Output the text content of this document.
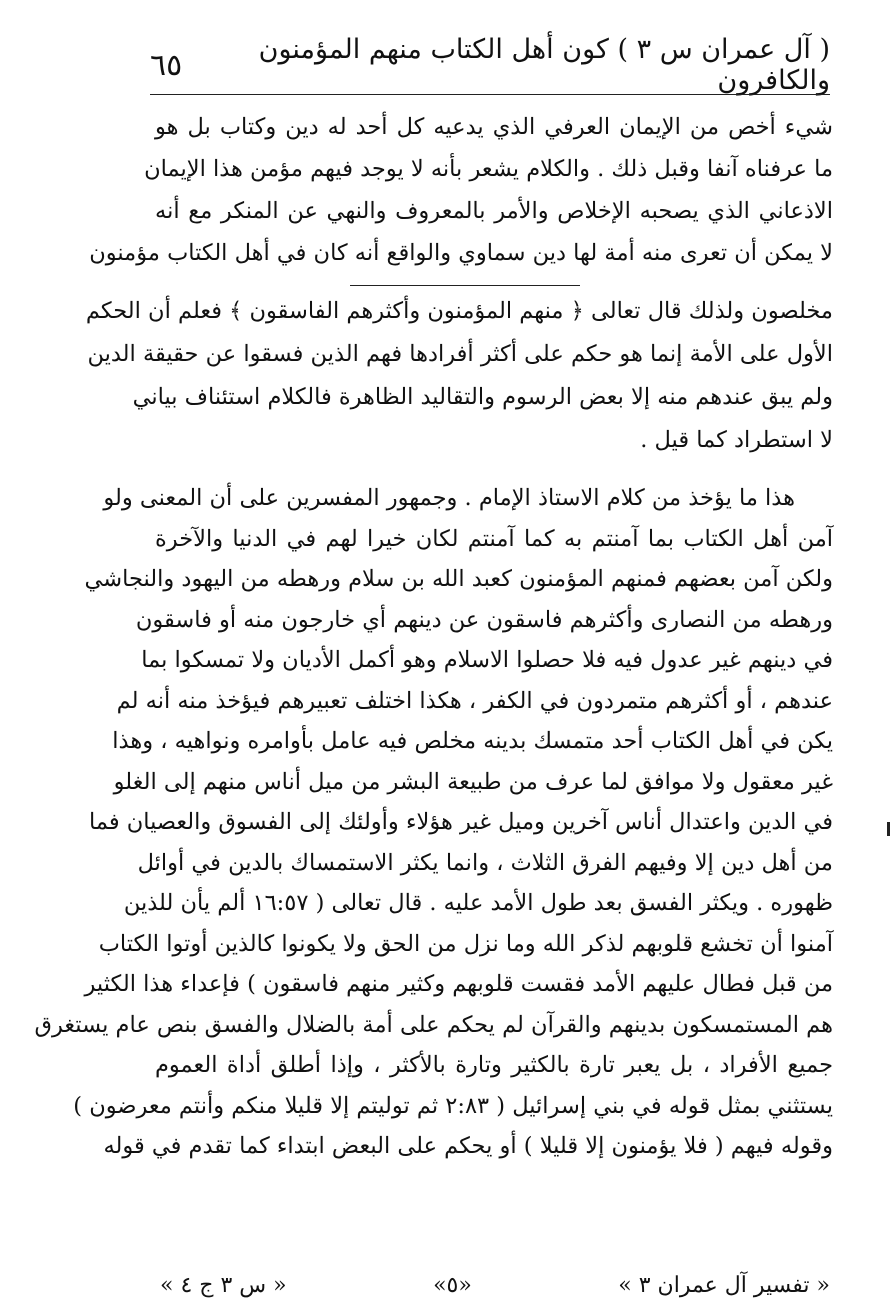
( آل عمران س ٣ ) كون أهل الكتاب منهم المؤمنون والكافرون
٦٥
شيء أخص من الإيمان العرفي الذي يدعيه كل أحد له دين وكتاب بل هو
ما عرفناه آنفا وقبل ذلك . والكلام يشعر بأنه لا يوجد فيهم مؤمن هذا الإيمان
الاذعاني الذي يصحبه الإخلاص والأمر بالمعروف والنهي عن المنكر مع أنه
لا يمكن أن تعرى منه أمة لها دين سماوي والواقع أنه كان في أهل الكتاب مؤمنون
مخلصون ولذلك قال تعالى ﴿ منهم المؤمنون وأكثرهم الفاسقون ﴾ فعلم أن الحكم
الأول على الأمة إنما هو حكم على أكثر أفرادها فهم الذين فسقوا عن حقيقة الدين
ولم يبق عندهم منه إلا بعض الرسوم والتقاليد الظاهرة فالكلام استئناف بياني
لا استطراد كما قيل .
هذا ما يؤخذ من كلام الاستاذ الإمام . وجمهور المفسرين على أن المعنى ولو
آمن أهل الكتاب بما آمنتم به كما آمنتم لكان خيرا لهم في الدنيا والآخرة
ولكن آمن بعضهم فمنهم المؤمنون كعبد الله بن سلام ورهطه من اليهود والنجاشي
ورهطه من النصارى وأكثرهم فاسقون عن دينهم أي خارجون منه أو فاسقون
في دينهم غير عدول فيه فلا حصلوا الاسلام وهو أكمل الأديان ولا تمسكوا بما
عندهم ، أو أكثرهم متمردون في الكفر ، هكذا اختلف تعبيرهم فيؤخذ منه أنه لم
يكن في أهل الكتاب أحد متمسك بدينه مخلص فيه عامل بأوامره ونواهيه ، وهذا
غير معقول ولا موافق لما عرف من طبيعة البشر من ميل أناس منهم إلى الغلو
في الدين واعتدال أناس آخرين وميل غير هؤلاء وأولئك إلى الفسوق والعصيان فما
من أهل دين إلا وفيهم الفرق الثلاث ، وانما يكثر الاستمساك بالدين في أوائل
ظهوره . ويكثر الفسق بعد طول الأمد عليه . قال تعالى ( ١٦:٥٧ ألم يأن للذين
آمنوا أن تخشع قلوبهم لذكر الله وما نزل من الحق ولا يكونوا كالذين أوتوا الكتاب
من قبل فطال عليهم الأمد فقست قلوبهم وكثير منهم فاسقون ) فإعداء هذا الكثير
هم المستمسكون بدينهم والقرآن لم يحكم على أمة بالضلال والفسق بنص عام يستغرق
جميع الأفراد ، بل يعبر تارة بالكثير وتارة بالأكثر ، وإذا أطلق أداة العموم
يستثني بمثل قوله في بني إسرائيل ( ٢:٨٣ ثم توليتم إلا قليلا منكم وأنتم معرضون )
وقوله فيهم ( فلا يؤمنون إلا قليلا ) أو يحكم على البعض ابتداء كما تقدم في قوله
« تفسير آل عمران ٣ »
«٥»
« س ٣ ج ٤ »
